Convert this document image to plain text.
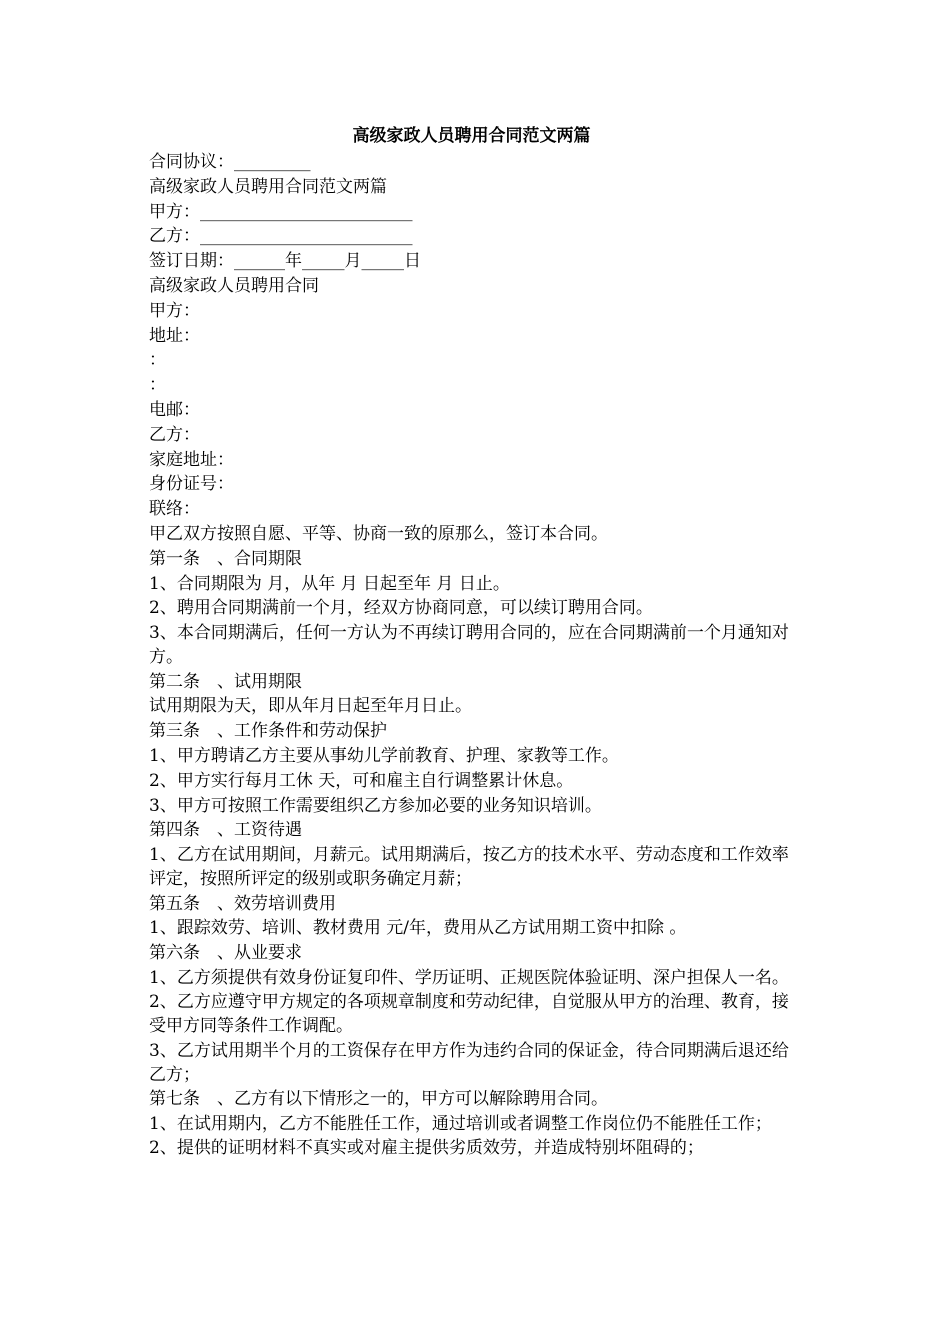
高级家政人员聘用合同范文两篇

合同协议：_________

高级家政人员聘用合同范文两篇

甲方：_________________________

乙方：_________________________

签订日期：______年_____月_____日

高级家政人员聘用合同

甲方：

地址：

：

：

电邮：

乙方：

家庭地址：

身份证号：

联络：

甲乙双方按照自愿、平等、协商一致的原那么，签订本合同。

第一条　、合同期限

1、合同期限为 月，从年 月 日起至年 月 日止。

2、聘用合同期满前一个月，经双方协商同意，可以续订聘用合同。

3、本合同期满后，任何一方认为不再续订聘用合同的，应在合同期满前一个月通知对方。

第二条　、试用期限

试用期限为天，即从年月日起至年月日止。

第三条　、工作条件和劳动保护

1、甲方聘请乙方主要从事幼儿学前教育、护理、家教等工作。

2、甲方实行每月工休 天，可和雇主自行调整累计休息。

3、甲方可按照工作需要组织乙方参加必要的业务知识培训。

第四条　、工资待遇

1、乙方在试用期间，月薪元。试用期满后，按乙方的技术水平、劳动态度和工作效率评定，按照所评定的级别或职务确定月薪；

第五条　、效劳培训费用

1、跟踪效劳、培训、教材费用 元/年，费用从乙方试用期工资中扣除 。

第六条　、从业要求

1、乙方须提供有效身份证复印件、学历证明、正规医院体验证明、深户担保人一名。

2、乙方应遵守甲方规定的各项规章制度和劳动纪律，自觉服从甲方的治理、教育，接受甲方同等条件工作调配。

3、乙方试用期半个月的工资保存在甲方作为违约合同的保证金，待合同期满后退还给乙方；

第七条　、乙方有以下情形之一的，甲方可以解除聘用合同。

1、在试用期内，乙方不能胜任工作，通过培训或者调整工作岗位仍不能胜任工作；

2、提供的证明材料不真实或对雇主提供劣质效劳，并造成特别坏阻碍的；
